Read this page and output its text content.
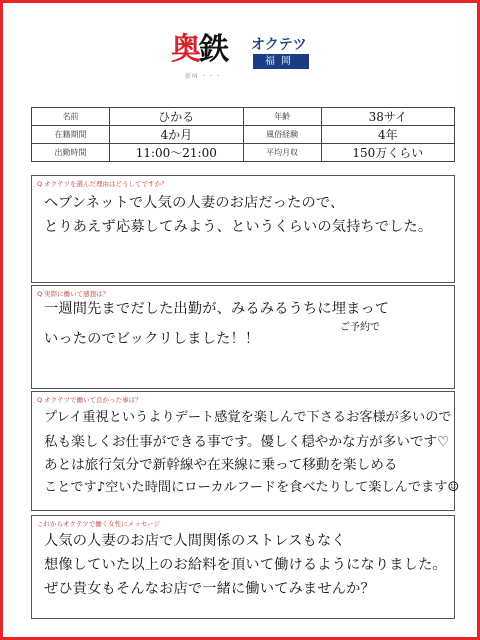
奥鉄 オクテツ
福岡
新M ・・・
名前	ひかる	年齢	38サイ
在籍期間	4か月	風俗経験	4年
出勤時間	11:00～21:00	平均月収	150万くらい
Q オクテツを選んだ理由はどうしてですか？
ヘブンネットで人気の人妻のお店だったので、
とりあえず応募してみよう、というくらいの気持ちでした。
Q 実際に働いて感想は？
一週間先までだした出勤が、みるみるうちに埋まって
ご予約で
いったのでビックリしました！！
Q オクテツで働いて良かった事は？
プレイ重視というよりデート感覚を楽しんで下さるお客様が多いので
私も楽しくお仕事ができる事です。優しく穏やかな方が多いです♡
あとは旅行気分で新幹線や在来線に乗って移動を楽しめる
ことです♪空いた時間にローカルフードを食べたりして楽しんでます☺
これからオクテツで働く女性にメッセージ
人気の人妻のお店で人間関係のストレスもなく
想像していた以上のお給料を頂いて働けるようになりました。
ぜひ貴女もそんなお店で一緒に働いてみませんか？
